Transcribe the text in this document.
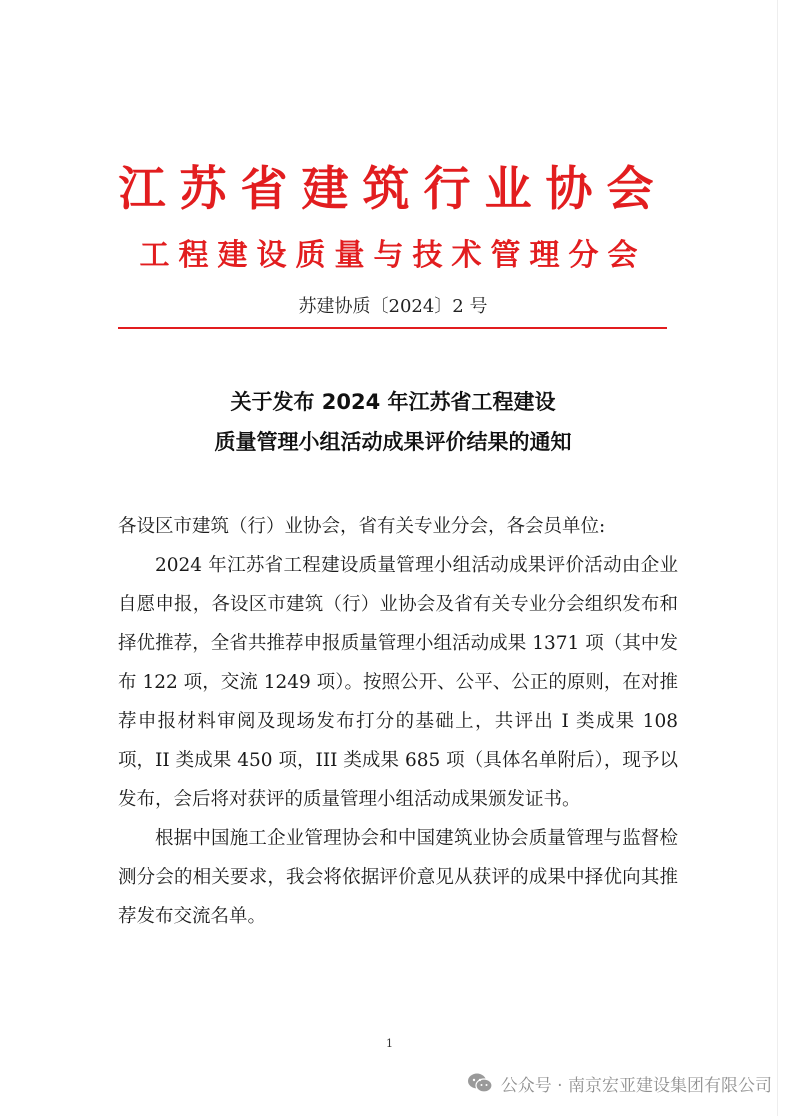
江苏省建筑行业协会
工程建设质量与技术管理分会
苏建协质〔2024〕2 号
关于发布 2024 年江苏省工程建设
质量管理小组活动成果评价结果的通知

各设区市建筑（行）业协会，省有关专业分会，各会员单位:

2024 年江苏省工程建设质量管理小组活动成果评价活动由企业自愿申报，各设区市建筑（行）业协会及省有关专业分会组织发布和择优推荐，全省共推荐申报质量管理小组活动成果 1371 项（其中发布 122 项，交流 1249 项）。按照公开、公平、公正的原则，在对推荐申报材料审阅及现场发布打分的基础上，共评出 I 类成果 108 项，II 类成果 450 项，III 类成果 685 项（具体名单附后），现予以发布，会后将对获评的质量管理小组活动成果颁发证书。

根据中国施工企业管理协会和中国建筑业协会质量管理与监督检测分会的相关要求，我会将依据评价意见从获评的成果中择优向其推荐发布交流名单。

1
公众号 · 南京宏亚建设集团有限公司
